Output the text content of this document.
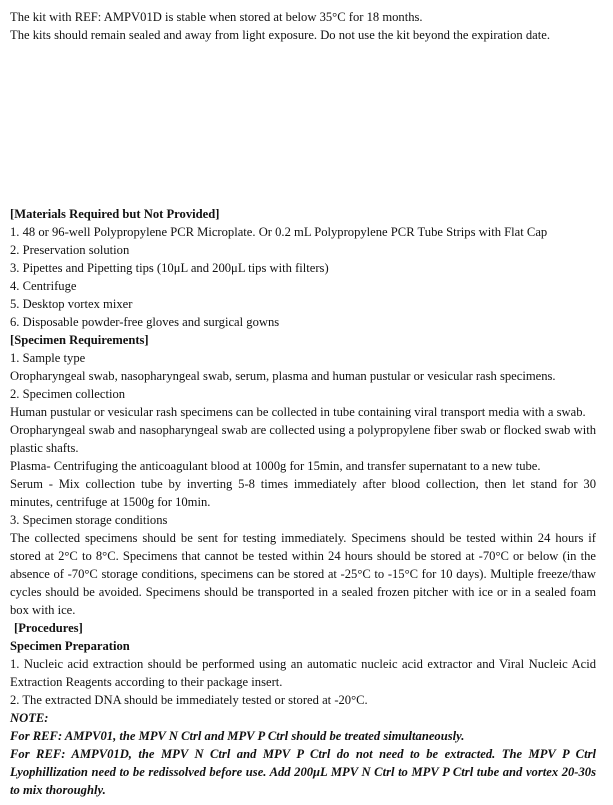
The kit with REF: AMPV01D is stable when stored at below 35°C for 18 months.

The kits should remain sealed and away from light exposure. Do not use the kit beyond the expiration date.

[Materials Required but Not Provided]

1. 48 or 96-well Polypropylene PCR Microplate. Or 0.2 mL Polypropylene PCR Tube Strips with Flat Cap

2. Preservation solution

3. Pipettes and Pipetting tips (10μL and 200μL tips with filters)

4. Centrifuge

5. Desktop vortex mixer

6. Disposable powder-free gloves and surgical gowns

[Specimen Requirements]

1. Sample type

Oropharyngeal swab, nasopharyngeal swab, serum, plasma and human pustular or vesicular rash specimens.

2. Specimen collection

Human pustular or vesicular rash specimens can be collected in tube containing viral transport media with a swab.

Oropharyngeal swab and nasopharyngeal swab are collected using a polypropylene fiber swab or flocked swab with plastic shafts.

Plasma- Centrifuging the anticoagulant blood at 1000g for 15min, and transfer supernatant to a new tube.

Serum - Mix collection tube by inverting 5-8 times immediately after blood collection, then let stand for 30 minutes, centrifuge at 1500g for 10min.

3. Specimen storage conditions

The collected specimens should be sent for testing immediately. Specimens should be tested within 24 hours if stored at 2°C to 8°C. Specimens that cannot be tested within 24 hours should be stored at -70°C or below (in the absence of -70°C storage conditions, specimens can be stored at -25°C to -15°C for 10 days). Multiple freeze/thaw cycles should be avoided. Specimens should be transported in a sealed frozen pitcher with ice or in a sealed foam box with ice.

[Procedures]

Specimen Preparation

1. Nucleic acid extraction should be performed using an automatic nucleic acid extractor and Viral Nucleic Acid Extraction Reagents according to their package insert.

2. The extracted DNA should be immediately tested or stored at -20°C.

NOTE:

For REF: AMPV01, the MPV N Ctrl and MPV P Ctrl should be treated simultaneously.

For REF: AMPV01D, the MPV N Ctrl and MPV P Ctrl do not need to be extracted. The MPV P Ctrl Lyophillization need to be redissolved before use. Add 200μL MPV N Ctrl to MPV P Ctrl tube and vortex 20-30s to mix thoroughly.
